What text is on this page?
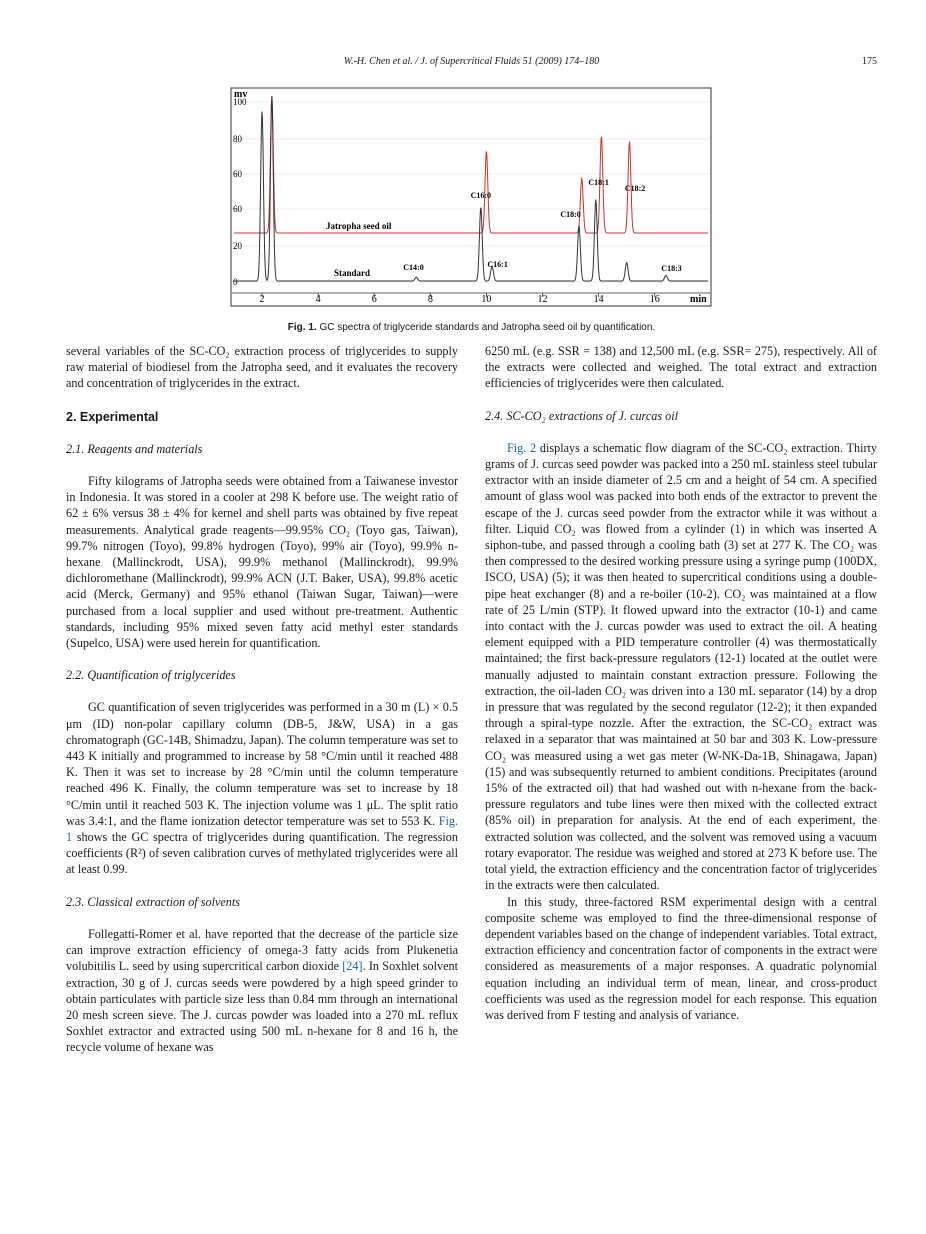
W.-H. Chen et al. / J. of Supercritical Fluids 51 (2009) 174–180	175
0
20
60
60
80
100
2	4	6	8	10	12	14	16
mv
min
Jatropha seed oil
Standard
C16:0
C18:1
C18:2
C18:0
C14:0	C16:1	C18:3
Fig. 1. GC spectra of triglyceride standards and Jatropha seed oil by quantification.

several variables of the SC-CO₂ extraction process of triglycerides to supply raw material of biodiesel from the Jatropha seed, and it evaluates the recovery and concentration of triglycerides in the extract.

2. Experimental
2.1. Reagents and materials

Fifty kilograms of Jatropha seeds were obtained from a Taiwanese investor in Indonesia. It was stored in a cooler at 298 K before use. The weight ratio of 62 ± 6% versus 38 ± 4% for kernel and shell parts was obtained by five repeat measurements. Analytical grade reagents—99.95% CO₂ (Toyo gas, Taiwan), 99.7% nitrogen (Toyo), 99.8% hydrogen (Toyo), 99% air (Toyo), 99.9% n-hexane (Mallinckrodt, USA), 99.9% methanol (Mallinckrodt), 99.9% dichloromethane (Mallinckrodt), 99.9% ACN (J.T. Baker, USA), 99.8% acetic acid (Merck, Germany) and 95% ethanol (Taiwan Sugar, Taiwan)—were purchased from a local supplier and used without pre-treatment. Authentic standards, including 95% mixed seven fatty acid methyl ester standards (Supelco, USA) were used herein for quantification.

2.2. Quantification of triglycerides

GC quantification of seven triglycerides was performed in a 30 m (L) × 0.5 μm (ID) non-polar capillary column (DB-5, J&W, USA) in a gas chromatograph (GC-14B, Shimadzu, Japan). The column temperature was set to 443 K initially and programmed to increase by 58 °C/min until it reached 488 K. Then it was set to increase by 28 °C/min until the column temperature reached 496 K. Finally, the column temperature was set to increase by 18 °C/min until it reached 503 K. The injection volume was 1 μL. The split ratio was 3.4:1, and the flame ionization detector temperature was set to 553 K. Fig. 1 shows the GC spectra of triglycerides during quantification. The regression coefficients (R²) of seven calibration curves of methylated triglycerides were all at least 0.99.

2.3. Classical extraction of solvents

Follegatti-Romer et al. have reported that the decrease of the particle size can improve extraction efficiency of omega-3 fatty acids from Plukenetia volubitilis L. seed by using supercritical carbon dioxide [24]. In Soxhlet solvent extraction, 30 g of J. curcas seeds were powdered by a high speed grinder to obtain particulates with particle size less than 0.84 mm through an international 20 mesh screen sieve. The J. curcas powder was loaded into a 270 mL reflux Soxhlet extractor and extracted using 500 mL n-hexane for 8 and 16 h, the recycle volume of hexane was

6250 mL (e.g. SSR = 138) and 12,500 mL (e.g. SSR= 275), respectively. All of the extracts were collected and weighed. The total extract and extraction efficiencies of triglycerides were then calculated.

2.4. SC-CO₂ extractions of J. curcas oil

Fig. 2 displays a schematic flow diagram of the SC-CO₂ extraction. Thirty grams of J. curcas seed powder was packed into a 250 mL stainless steel tubular extractor with an inside diameter of 2.5 cm and a height of 54 cm. A specified amount of glass wool was packed into both ends of the extractor to prevent the escape of the J. curcas seed powder from the extractor while it was without a filter. Liquid CO₂ was flowed from a cylinder (1) in which was inserted A siphon-tube, and passed through a cooling bath (3) set at 277 K. The CO₂ was then compressed to the desired working pressure using a syringe pump (100DX, ISCO, USA) (5); it was then heated to supercritical conditions using a double-pipe heat exchanger (8) and a re-boiler (10-2). CO₂ was maintained at a flow rate of 25 L/min (STP). It flowed upward into the extractor (10-1) and came into contact with the J. curcas powder was used to extract the oil. A heating element equipped with a PID temperature controller (4) was thermostatically maintained; the first back-pressure regulators (12-1) located at the outlet were manually adjusted to maintain constant extraction pressure. Following the extraction, the oil-laden CO₂ was driven into a 130 mL separator (14) by a drop in pressure that was regulated by the second regulator (12-2); it then expanded through a spiral-type nozzle. After the extraction, the SC-CO₂ extract was relaxed in a separator that was maintained at 50 bar and 303 K. Low-pressure CO₂ was measured using a wet gas meter (W-NK-Da-1B, Shinagawa, Japan) (15) and was subsequently returned to ambient conditions. Precipitates (around 15% of the extracted oil) that had washed out with n-hexane from the back-pressure regulators and tube lines were then mixed with the collected extract (85% oil) in preparation for analysis. At the end of each experiment, the extracted solution was collected, and the solvent was removed using a vacuum rotary evaporator. The residue was weighed and stored at 273 K before use. The total yield, the extraction efficiency and the concentration factor of triglycerides in the extracts were then calculated.

In this study, three-factored RSM experimental design with a central composite scheme was employed to find the three-dimensional response of dependent variables based on the change of independent variables. Total extract, extraction efficiency and concentration factor of components in the extract were considered as measurements of a major responses. A quadratic polynomial equation including an individual term of mean, linear, and cross-product coefficients was used as the regression model for each response. This equation was derived from F testing and analysis of variance.
